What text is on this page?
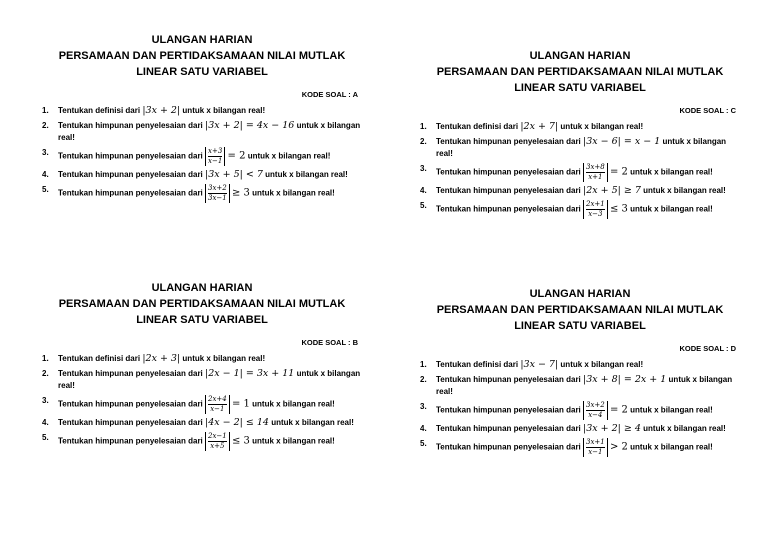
ULANGAN HARIAN
PERSAMAAN DAN PERTIDAKSAMAAN NILAI MUTLAK
LINEAR SATU VARIABEL
KODE SOAL : A
1. Tentukan definisi dari |3x + 2| untuk x bilangan real!
2. Tentukan himpunan penyelesaian dari |3x + 2| = 4x − 16 untuk x bilangan real!
3. Tentukan himpunan penyelesaian dari $\frac{x+3}{x-1} = 2$ untuk x bilangan real!
4. Tentukan himpunan penyelesaian dari |3x + 5| < 7 untuk x bilangan real!
5. Tentukan himpunan penyelesaian dari $\frac{3x+2}{3x-1} \ge 3$ untuk x bilangan real!
ULANGAN HARIAN
PERSAMAAN DAN PERTIDAKSAMAAN NILAI MUTLAK
LINEAR SATU VARIABEL
KODE SOAL : C
1. Tentukan definisi dari |2x + 7| untuk x bilangan real!
2. Tentukan himpunan penyelesaian dari |3x − 6| = x − 1 untuk x bilangan real!
3. Tentukan himpunan penyelesaian dari $\frac{3x+8}{x+1} = 2$ untuk x bilangan real!
4. Tentukan himpunan penyelesaian dari |2x + 5| ≥ 7 untuk x bilangan real!
5. Tentukan himpunan penyelesaian dari $\frac{2x+1}{x-3} \le 3$ untuk x bilangan real!
ULANGAN HARIAN
PERSAMAAN DAN PERTIDAKSAMAAN NILAI MUTLAK
LINEAR SATU VARIABEL
KODE SOAL : B
1. Tentukan definisi dari |2x + 3| untuk x bilangan real!
2. Tentukan himpunan penyelesaian dari |2x − 1| = 3x + 11 untuk x bilangan real!
3. Tentukan himpunan penyelesaian dari $\frac{2x+4}{x-1} = 1$ untuk x bilangan real!
4. Tentukan himpunan penyelesaian dari |4x − 2| ≤ 14 untuk x bilangan real!
5. Tentukan himpunan penyelesaian dari $\frac{2x-1}{x+5} \le 3$ untuk x bilangan real!
ULANGAN HARIAN
PERSAMAAN DAN PERTIDAKSAMAAN NILAI MUTLAK
LINEAR SATU VARIABEL
KODE SOAL : D
1. Tentukan definisi dari |3x − 7| untuk x bilangan real!
2. Tentukan himpunan penyelesaian dari |3x + 8| = 2x + 1 untuk x bilangan real!
3. Tentukan himpunan penyelesaian dari $\frac{3x+2}{x-4} = 2$ untuk x bilangan real!
4. Tentukan himpunan penyelesaian dari |3x + 2| ≥ 4 untuk x bilangan real!
5. Tentukan himpunan penyelesaian dari $\frac{3x+1}{x-1} > 2$ untuk x bilangan real!
